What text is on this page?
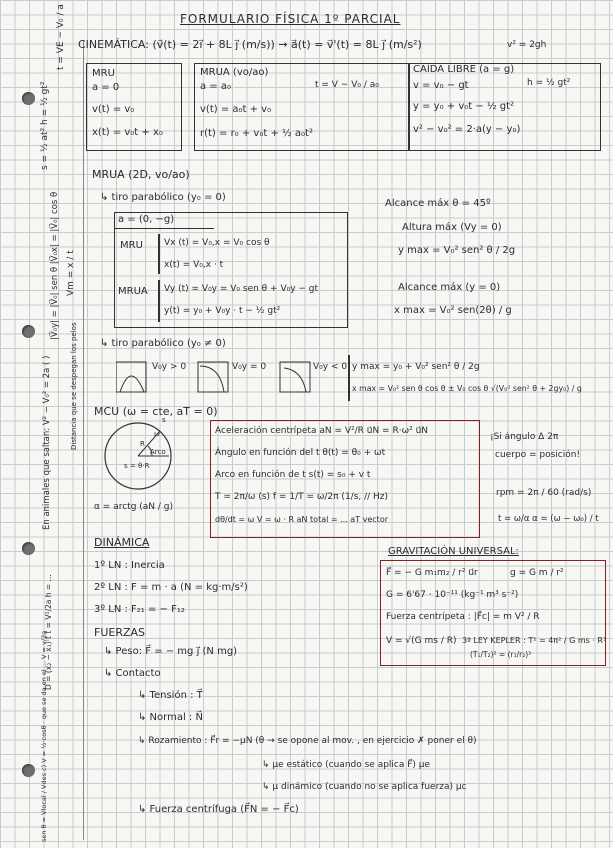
t = VE − V₀ / a
s = ½ at² h = ½ gt²
|V⃗₀y| = |V⃗₀| sen θ |V⃗₀x| = |V⃗₀| cos θ Vm = x / t
En animales que saltan: V² − V₀² = 2a ( )	Distancia que se despegan los pelos
D = (x₂ − x₁)·t t = V²/2a h = ...
sen θ = Vlocal / Vdes c) V = ½·cosθ · que se da en el ... V = v/2a
FORMULARIO FÍSICA 1º PARCIAL
CINEMÁTICA: (v⃗(t) = 2i⃗ + 8L j⃗ (m/s)) → a⃗(t) = v⃗'(t) = 8L j⃗ (m/s²)	v² = 2gh
MRU
a = 0
v(t) = v₀
x(t) = v₀t + x₀
MRUA (vo/ao)
a = a₀
v(t) = a₀t + v₀
r(t) = r₀ + v₀t + ½ a₀t²
t = V − V₀ / a₀
CAÍDA LIBRE (a = g)
v = v₀ − gt	h = ½ gt²
y = y₀ + v₀t − ½ gt²
v² − v₀² = 2·a(y − y₀)
MRUA (2D, vo/ao)
↳ tiro parabólico (y₀ = 0)
a = (0, −g)
MRU Vx (t) = V₀,x = V₀ cos θ
x(t) = V₀,x · t
MRUA Vy (t) = V₀y = V₀ sen θ + V₀y − gt
y(t) = y₀ + V₀y · t − ½ gt²
Alcance máx θ = 45º
Altura máx (Vy = 0)
y max = V₀² sen² θ / 2g
Alcance máx (y = 0)
x max = V₀² sen(2θ) / g
↳ tiro parabólico (y₀ ≠ 0)
V₀y > 0	V₀y = 0	V₀y < 0 y max = y₀ + V₀² sen² θ / 2g
x max = V₀² sen θ cos θ ± V₀ cos θ √(V₀² sen² θ + 2gy₀) / g
MCU (ω = cte, aT = 0)
R
ω
s
Arco
s = θ·R
α = arctg (aN / g)
Aceleración centrípeta aN = V²/R u⃗N = R·ω² u⃗N
Ángulo en función del t θ(t) = θ₀ + ωt
Arco en función de t s(t) = s₀ + v t
T = 2π/ω (s) f = 1/T = ω/2π (1/s, // Hz)
dθ/dt = ω V = ω · R aN total = ... aT vector
¡Si ángulo Δ 2π
cuerpo = posición!
rpm = 2π / 60 (rad/s)
t = ω/α α = (ω − ω₀) / t
DINÁMICA
1º LN : Inercia
2º LN : F = m · a (N = kg·m/s²)
3º LN : F₂₁ = − F₁₂
FUERZAS
↳ Peso: F⃗ = − mg j⃗ (N mg)
↳ Contacto
↳ Tensión : T⃗
↳ Normal : N⃗
↳ Rozamiento : F⃗r = −μN (θ → se opone al mov. , en ejercicio ✗ poner el θ)
↳ μe estático (cuando se aplica F⃗) μe
↳ μ dinámico (cuando no se aplica fuerza) μc
↳ Fuerza centrífuga (F⃗N = − F⃗c)
GRAVITACIÓN UNIVERSAL:
F⃗ = − G m₁m₂ / r² u⃗r	g = G m / r²
G = 6'67 · 10⁻¹¹ (kg⁻¹ m³ s⁻²)
Fuerza centrípeta : |F⃗c| = m V² / R
V = √(G ms / R) 3ª LEY KEPLER : T² = 4π² / G ms · R³
(T₁/T₂)² = (r₁/r₂)³
